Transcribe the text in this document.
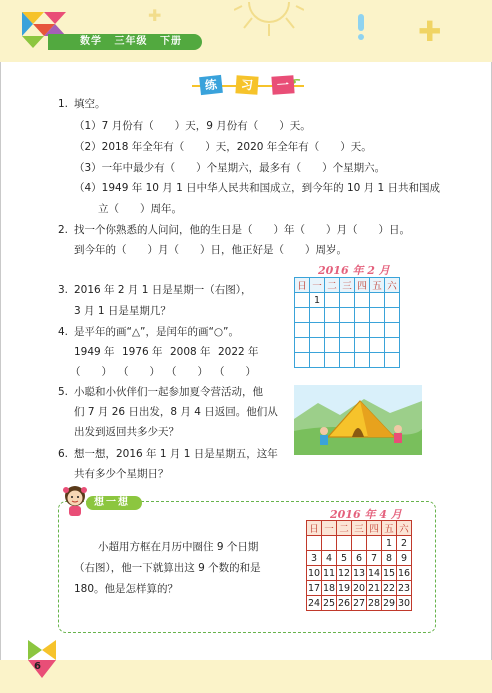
数学 三年级 下册	✚
✚
练	习	一
1. 填空。
（1）7 月份有（　　）天，9 月份有（　　）天。
（2）2018 年全年有（　　）天，2020 年全年有（　　）天。
（3）一年中最少有（　　）个星期六，最多有（　　）个星期六。
（4）1949 年 10 月 1 日中华人民共和国成立，到今年的 10 月 1 日共和国成
立（　　）周年。
2. 找一个你熟悉的人问问，他的生日是（　　）年（　　）月（　　）日。
到今年的（　　）月（　　）日，他正好是（　　）周岁。
3. 2016 年 2 月 1 日是星期一（右图），
3 月 1 日是星期几？
4. 是平年的画“△”，是闰年的画“○”。
1949 年 1976 年 2008 年 2022 年
（　　） （　　） （　　） （　　）
5. 小聪和小伙伴们一起参加夏令营活动，他
们 7 月 26 日出发，8 月 4 日返回。他们从
出发到返回共多少天？
6. 想一想，2016 年 1 月 1 日是星期五，这年
共有多少个星期日？
2016 年 2 月
日	一	二	三	四	五	六
	1					

想一想
小超用方框在月历中圈住 9 个日期
（右图），他一下就算出这 9 个数的和是
180。他是怎样算的？
2016 年 4 月
日	一	二	三	四	五	六
					1	2
3	4	5	6	7	8	9
10	11	12	13	14	15	16
17	18	19	20	21	22	23
24	25	26	27	28	29	30
6
